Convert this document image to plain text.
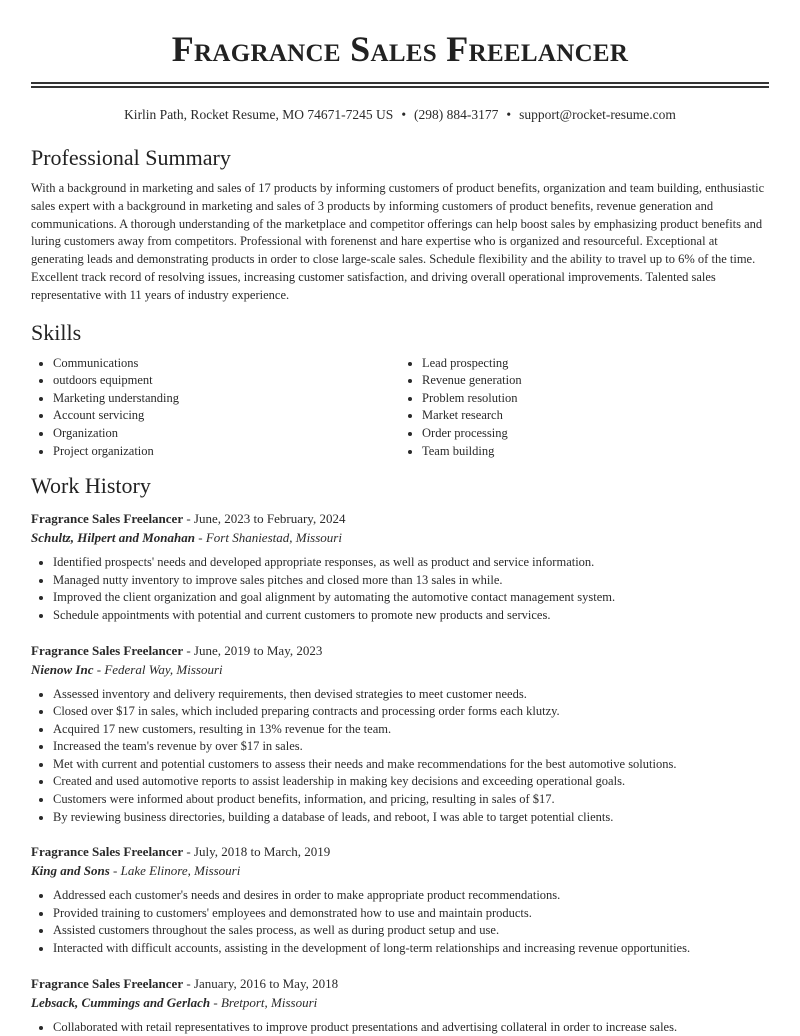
Fragrance Sales Freelancer
Kirlin Path, Rocket Resume, MO 74671-7245 US • (298) 884-3177 • support@rocket-resume.com
Professional Summary

With a background in marketing and sales of 17 products by informing customers of product benefits, organization and team building, enthusiastic sales expert with a background in marketing and sales of 3 products by informing customers of product benefits, revenue generation and communications. A thorough understanding of the marketplace and competitor offerings can help boost sales by emphasizing product benefits and luring customers away from competitors. Professional with forenenst and hare expertise who is organized and resourceful. Exceptional at generating leads and demonstrating products in order to close large-scale sales. Schedule flexibility and the ability to travel up to 6% of the time. Excellent track record of resolving issues, increasing customer satisfaction, and driving overall operational improvements. Talented sales representative with 11 years of industry experience.

Skills
• Communications
• outdoors equipment
• Marketing understanding
• Account servicing
• Organization
• Project organization
• Lead prospecting
• Revenue generation
• Problem resolution
• Market research
• Order processing
• Team building
Work History

Fragrance Sales Freelancer - June, 2023 to February, 2024

Schultz, Hilpert and Monahan - Fort Shaniestad, Missouri

• Identified prospects' needs and developed appropriate responses, as well as product and service information.
• Managed nutty inventory to improve sales pitches and closed more than 13 sales in while.
• Improved the client organization and goal alignment by automating the automotive contact management system.
• Schedule appointments with potential and current customers to promote new products and services.

Fragrance Sales Freelancer - June, 2019 to May, 2023

Nienow Inc - Federal Way, Missouri

• Assessed inventory and delivery requirements, then devised strategies to meet customer needs.
• Closed over $17 in sales, which included preparing contracts and processing order forms each klutzy.
• Acquired 17 new customers, resulting in 13% revenue for the team.
• Increased the team's revenue by over $17 in sales.
• Met with current and potential customers to assess their needs and make recommendations for the best automotive solutions.
• Created and used automotive reports to assist leadership in making key decisions and exceeding operational goals.
• Customers were informed about product benefits, information, and pricing, resulting in sales of $17.
• By reviewing business directories, building a database of leads, and reboot, I was able to target potential clients.

Fragrance Sales Freelancer - July, 2018 to March, 2019

King and Sons - Lake Elinore, Missouri

• Addressed each customer's needs and desires in order to make appropriate product recommendations.
• Provided training to customers' employees and demonstrated how to use and maintain products.
• Assisted customers throughout the sales process, as well as during product setup and use.
• Interacted with difficult accounts, assisting in the development of long-term relationships and increasing revenue opportunities.

Fragrance Sales Freelancer - January, 2016 to May, 2018

Lebsack, Cummings and Gerlach - Bretport, Missouri

• Collaborated with retail representatives to improve product presentations and advertising collateral in order to increase sales.
